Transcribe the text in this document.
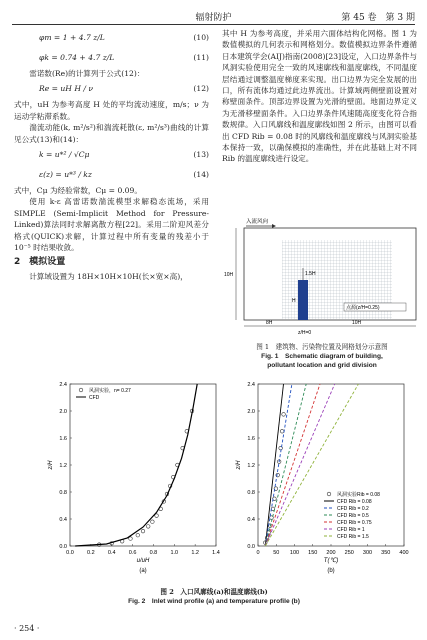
辐射防护	第 45 卷　第 3 期
φm = 1 + 4.7 z/L	(10)
φk = 0.74 + 4.7 z/L	(11)
雷诺数(Re)的计算列于公式(12)：
Re = uH H / ν	(12)
式中，uH 为参考高度 H 处的平均流动速度，m/s；ν 为运动学粘滞系数。
湍流动能(k, m²/s²)和湍流耗散(ε, m²/s³)曲线的计算见公式(13)和(14)：
k = u*² / √Cμ	(13)
ε(z) = u*³ / kz	(14)
式中，Cμ 为经验常数，Cμ = 0.09。
使用 k-ε 高雷诺数湍流模型求解稳态流场，采用 SIMPLE (Semi-Implicit Method for Pressure-Linked)算法同时求解离散方程[22]。采用二阶迎风差分格式(QUICK)求解，计算过程中所有变量的残差小于 10⁻⁵ 时结果收敛。
2　模拟设置
计算域设置为 18H×10H×10H(长×宽×高)，
其中 H 为参考高度，并采用六面体结构化网格。图 1 为数值模拟的几何表示和网格划分。数值模拟边界条件遵循日本建筑学会(AIJ)指南(2008)[23]设定，入口边界条件与风洞实验使用完全一致的风速廓线和温度廓线，不同温度层结通过调整温度梯度来实现。出口边界为完全发展的出口，所有流体均通过此边界流出。计算域两侧壁面设置对称壁面条件。顶部边界设置为光滑的壁面。地面边界定义为无滑移壁面条件。入口边界条件风速随高度变化符合指数规律。入口风廓线和温度廓线如图 2 所示，由图可以看出 CFD Rib = 0.08 时的风廓线和温度廓线与风洞实验基本保持一致，以确保模拟的准确性，并在此基础上对不同 Rib 的温度廓线进行设定。
入流风向
1.5H
H
点源(z/H=0.25)
10H
8H	10H
z/H=0
图 1　建筑物、污染物位置及网格划分示意图
Fig. 1　Schematic diagram of building,
pollutant location and grid division
0.0 0.2 0.4 0.6 0.8 1.0 1.2 1.4
0.0
0.4
0.8
1.2
1.6
2.0
2.4
u/uH
z/H
(a)
风洞实验，n= 0.27
CFD
0 50 100 150 200 250 300 350 400
0.0
0.4
0.8
1.2
1.6
2.0
2.4
T(℃)
z/H
(b)
风洞实验Rib = 0.08
CFD Rib = 0.08
CFD Rib = 0.2
CFD Rib = 0.5
CFD Rib = 0.75
CFD Rib = 1
CFD Rib = 1.5
图 2　入口风廓线(a)和温度廓线(b)
Fig. 2　Inlet wind profile (a) and temperature profile (b)
· 254 ·
